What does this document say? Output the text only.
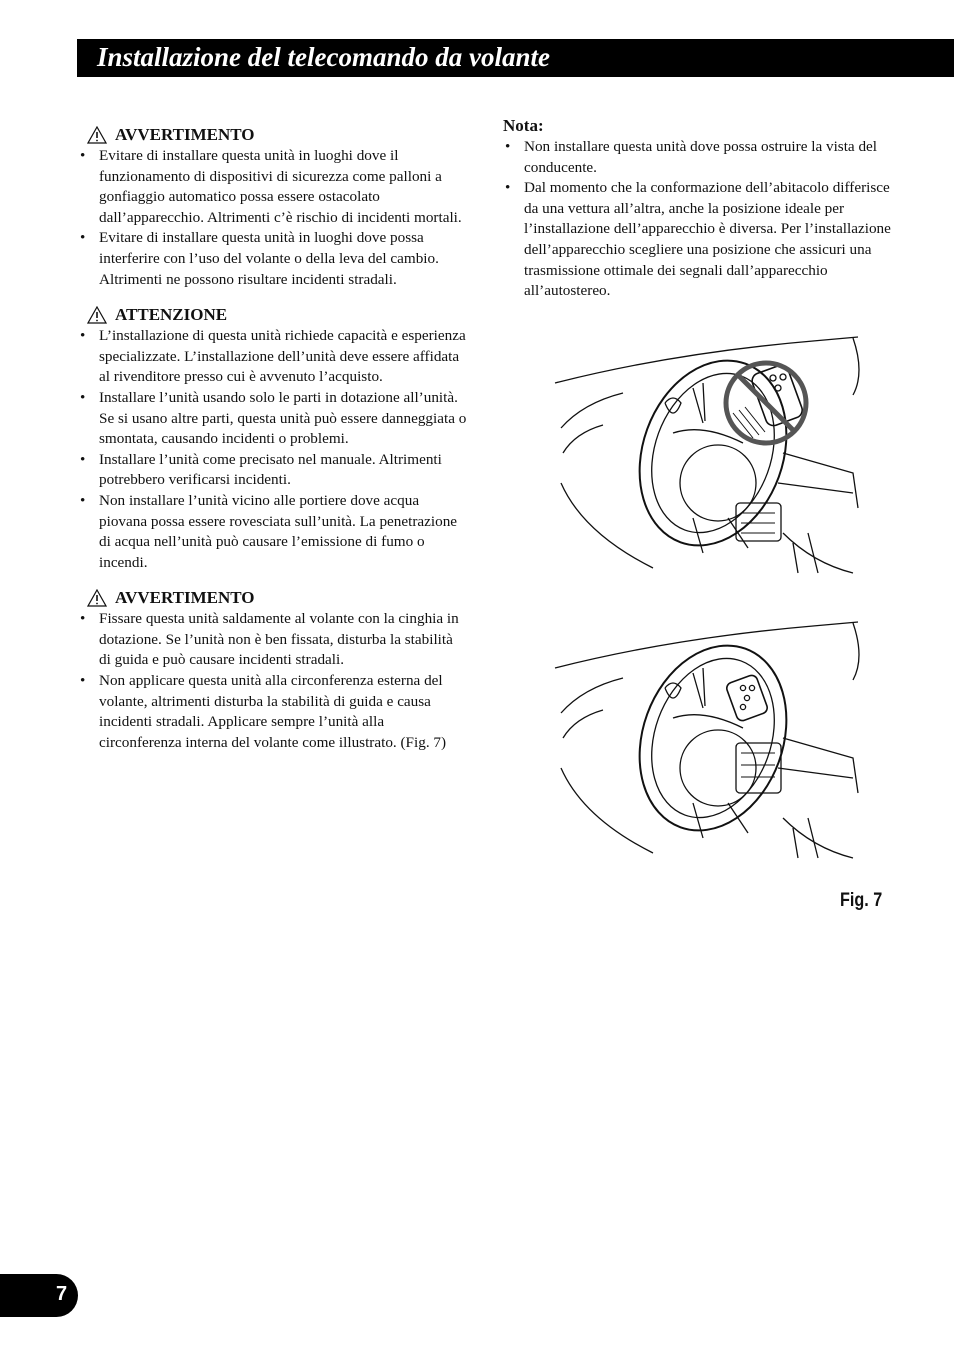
Installazione del telecomando da volante
AVVERTIMENTO
• Evitare di installare questa unità in luoghi dove il funzionamento di dispositivi di sicurezza come palloni a gonfiaggio automatico possa essere ostacolato dall’apparecchio. Altrimenti c’è rischio di incidenti mortali.
• Evitare di installare questa unità in luoghi dove possa interferire con l’uso del volante o della leva del cambio. Altrimenti ne possono risultare incidenti stradali.
ATTENZIONE
• L’installazione di questa unità richiede capacità e esperienza specializzate. L’installazione dell’unità deve essere affidata al rivenditore presso cui è avvenuto l’acquisto.
• Installare l’unità usando solo le parti in dotazione all’unità. Se si usano altre parti, questa unità può essere danneggiata o smontata, causando incidenti o problemi.
• Installare l’unità come precisato nel manuale. Altrimenti potrebbero verificarsi incidenti.
• Non installare l’unità vicino alle portiere dove acqua piovana possa essere rovesciata sull’unità. La penetrazione di acqua nell’unità può causare l’emissione di fumo o incendi.
AVVERTIMENTO
• Fissare questa unità saldamente al volante con la cinghia in dotazione. Se l’unità non è ben fissata, disturba la stabilità di guida e può causare incidenti stradali.
• Non applicare questa unità alla circonferenza esterna del volante, altrimenti disturba la stabilità di guida e causa incidenti stradali. Applicare sempre l’unità alla circonferenza interna del volante come illustrato. (Fig. 7)
Nota:
• Non installare questa unità dove possa ostruire la vista del conducente.
• Dal momento che la conformazione dell’abitacolo differisce da una vettura all’altra, anche la posizione ideale per l’installazione dell’apparecchio è diversa. Per l’installazione dell’apparecchio scegliere una posizione che assicuri una trasmissione ottimale dei segnali dall’apparecchio all’autostereo.
Fig. 7
7
